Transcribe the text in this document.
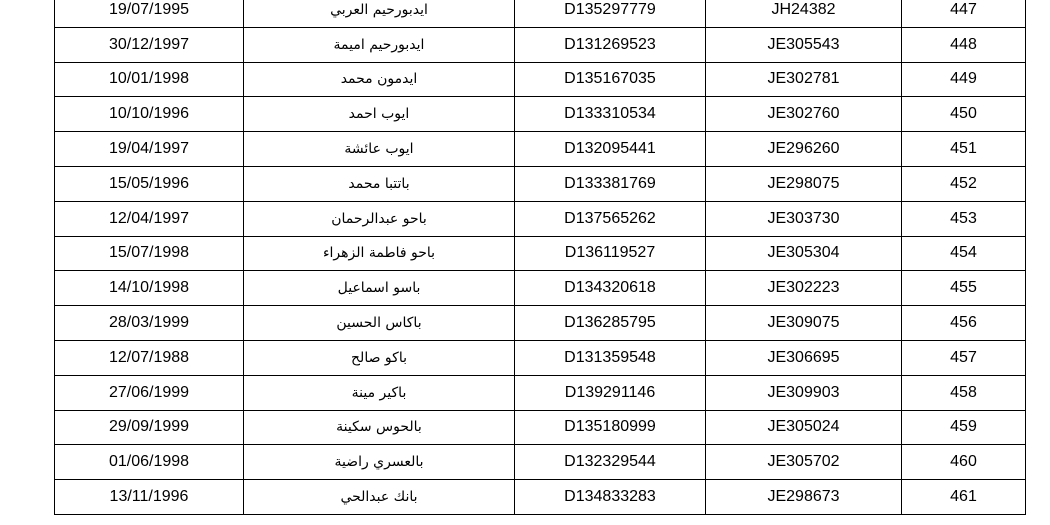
19/07/1995	ايدبورحيم العربي	D135297779	JH24382	447
30/12/1997	ايدبورحيم اميمة	D131269523	JE305543	448
10/01/1998	ايدمون محمد	D135167035	JE302781	449
10/10/1996	ايوب احمد	D133310534	JE302760	450
19/04/1997	ايوب عائشة	D132095441	JE296260	451
15/05/1996	باتتبا محمد	D133381769	JE298075	452
12/04/1997	باحو عبدالرحمان	D137565262	JE303730	453
15/07/1998	باحو فاطمة الزهراء	D136119527	JE305304	454
14/10/1998	باسو اسماعيل	D134320618	JE302223	455
28/03/1999	باكاس الحسين	D136285795	JE309075	456
12/07/1988	باكو صالح	D131359548	JE306695	457
27/06/1999	باكير مينة	D139291146	JE309903	458
29/09/1999	بالحوس سكينة	D135180999	JE305024	459
01/06/1998	بالعسري راضية	D132329544	JE305702	460
13/11/1996	بانك عبدالحي	D134833283	JE298673	461
